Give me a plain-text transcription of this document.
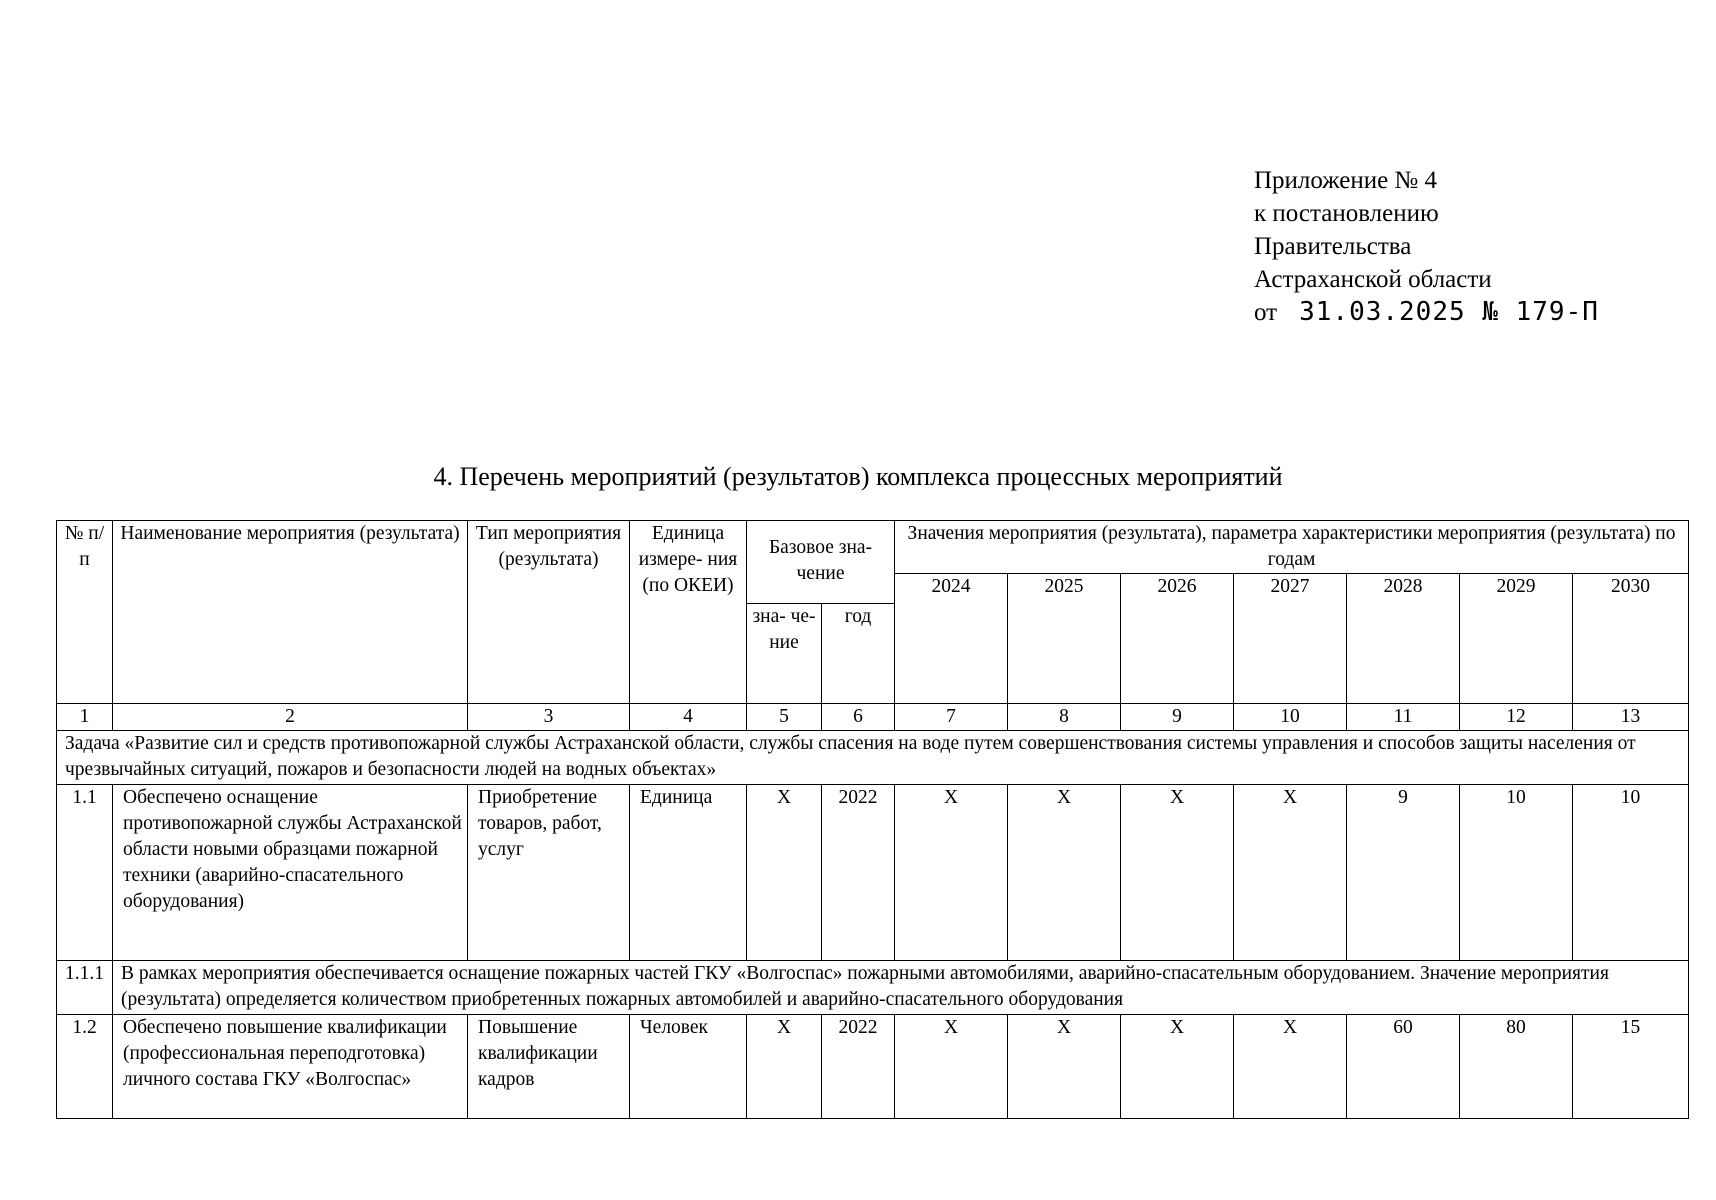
Приложение № 4
к постановлению
Правительства
Астраханской области
от 31.03.2025 № 179-П
4. Перечень мероприятий (результатов) комплекса процессных мероприятий
№ п/п	Наименование мероприятия (результата)	Тип мероприятия (результата)	Единица измере- ния (по ОКЕИ)	Базовое зна- чение		Значения мероприятия (результата), параметра характеристики мероприятия (результата) по годам						
						2024	2025	2026	2027	2028	2029	2030
				зна- че- ние	год							
1	2	3	4	5	6	7	8	9	10	11	12	13
Задача «Развитие сил и средств противопожарной службы Астраханской области, службы спасения на воде путем совершенствования системы управления и способов защиты населения от чрезвычайных ситуаций, пожаров и безопасности людей на водных объектах»												
1.1	Обеспечено оснащение противопожарной службы Астраханской области новыми образцами пожарной техники (аварийно-спасательного оборудования)	Приобретение товаров, работ, услуг	Единица	X	2022	X	X	X	X	9	10	10
1.1.1	В рамках мероприятия обеспечивается оснащение пожарных частей ГКУ «Волгоспас» пожарными автомобилями, аварийно-спасательным оборудованием. Значение мероприятия (результата) определяется количеством приобретенных пожарных автомобилей и аварийно-спасательного оборудования											
1.2	Обеспечено повышение квалификации (профессиональная переподготовка) личного состава ГКУ «Волгоспас»	Повышение квалификации кадров	Человек	X	2022	X	X	X	X	60	80	15
